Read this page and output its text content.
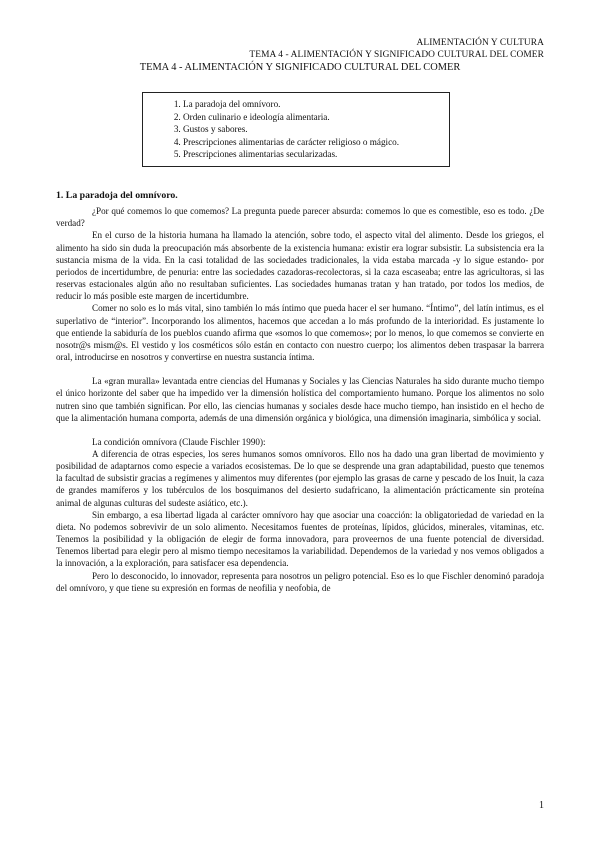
ALIMENTACIÓN Y CULTURA
TEMA 4 - ALIMENTACIÓN Y SIGNIFICADO CULTURAL DEL COMER
TEMA 4 - ALIMENTACIÓN Y SIGNIFICADO CULTURAL DEL COMER
1. La paradoja del omnívoro.
2. Orden culinario e ideología alimentaria.
3. Gustos y sabores.
4. Prescripciones alimentarias de carácter religioso o mágico.
5. Prescripciones alimentarias secularizadas.
1. La paradoja del omnívoro.

¿Por qué comemos lo que comemos? La pregunta puede parecer absurda: comemos lo que es comestible, eso es todo. ¿De verdad?

En el curso de la historia humana ha llamado la atención, sobre todo, el aspecto vital del alimento. Desde los griegos, el alimento ha sido sin duda la preocupación más absorbente de la existencia humana: existir era lograr subsistir. La subsistencia era la sustancia misma de la vida. En la casi totalidad de las sociedades tradicionales, la vida estaba marcada -y lo sigue estando- por periodos de incertidumbre, de penuria: entre las sociedades cazadoras-recolectoras, si la caza escaseaba; entre las agricultoras, si las reservas estacionales algún año no resultaban suficientes. Las sociedades humanas tratan y han tratado, por todos los medios, de reducir lo más posible este margen de incertidumbre.

Comer no solo es lo más vital, sino también lo más íntimo que pueda hacer el ser humano. “Íntimo”, del latín intimus, es el superlativo de “interior”. Incorporando los alimentos, hacemos que accedan a lo más profundo de la interioridad. Es justamente lo que entiende la sabiduría de los pueblos cuando afirma que «somos lo que comemos»; por lo menos, lo que comemos se convierte en nosotr@s mism@s. El vestido y los cosméticos sólo están en contacto con nuestro cuerpo; los alimentos deben traspasar la barrera oral, introducirse en nosotros y convertirse en nuestra sustancia íntima.

La «gran muralla» levantada entre ciencias del Humanas y Sociales y las Ciencias Naturales ha sido durante mucho tiempo el único horizonte del saber que ha impedido ver la dimensión holística del comportamiento humano. Porque los alimentos no solo nutren sino que también significan. Por ello, las ciencias humanas y sociales desde hace mucho tiempo, han insistido en el hecho de que la alimentación humana comporta, además de una dimensión orgánica y biológica, una dimensión imaginaria, simbólica y social.

La condición omnívora (Claude Fischler 1990):

A diferencia de otras especies, los seres humanos somos omnívoros. Ello nos ha dado una gran libertad de movimiento y posibilidad de adaptarnos como especie a variados ecosistemas. De lo que se desprende una gran adaptabilidad, puesto que tenemos la facultad de subsistir gracias a regímenes y alimentos muy diferentes (por ejemplo las grasas de carne y pescado de los Inuit, la caza de grandes mamíferos y los tubérculos de los bosquimanos del desierto sudafricano, la alimentación prácticamente sin proteína animal de algunas culturas del sudeste asiático, etc.).

Sin embargo, a esa libertad ligada al carácter omnívoro hay que asociar una coacción: la obligatoriedad de variedad en la dieta. No podemos sobrevivir de un solo alimento. Necesitamos fuentes de proteínas, lípidos, glúcidos, minerales, vitaminas, etc. Tenemos la posibilidad y la obligación de elegir de forma innovadora, para proveernos de una fuente potencial de diversidad. Tenemos libertad para elegir pero al mismo tiempo necesitamos la variabilidad. Dependemos de la variedad y nos vemos obligados a la innovación, a la exploración, para satisfacer esa dependencia.

Pero lo desconocido, lo innovador, representa para nosotros un peligro potencial. Eso es lo que Fischler denominó paradoja del omnívoro, y que tiene su expresión en formas de neofilia y neofobia, de

1
